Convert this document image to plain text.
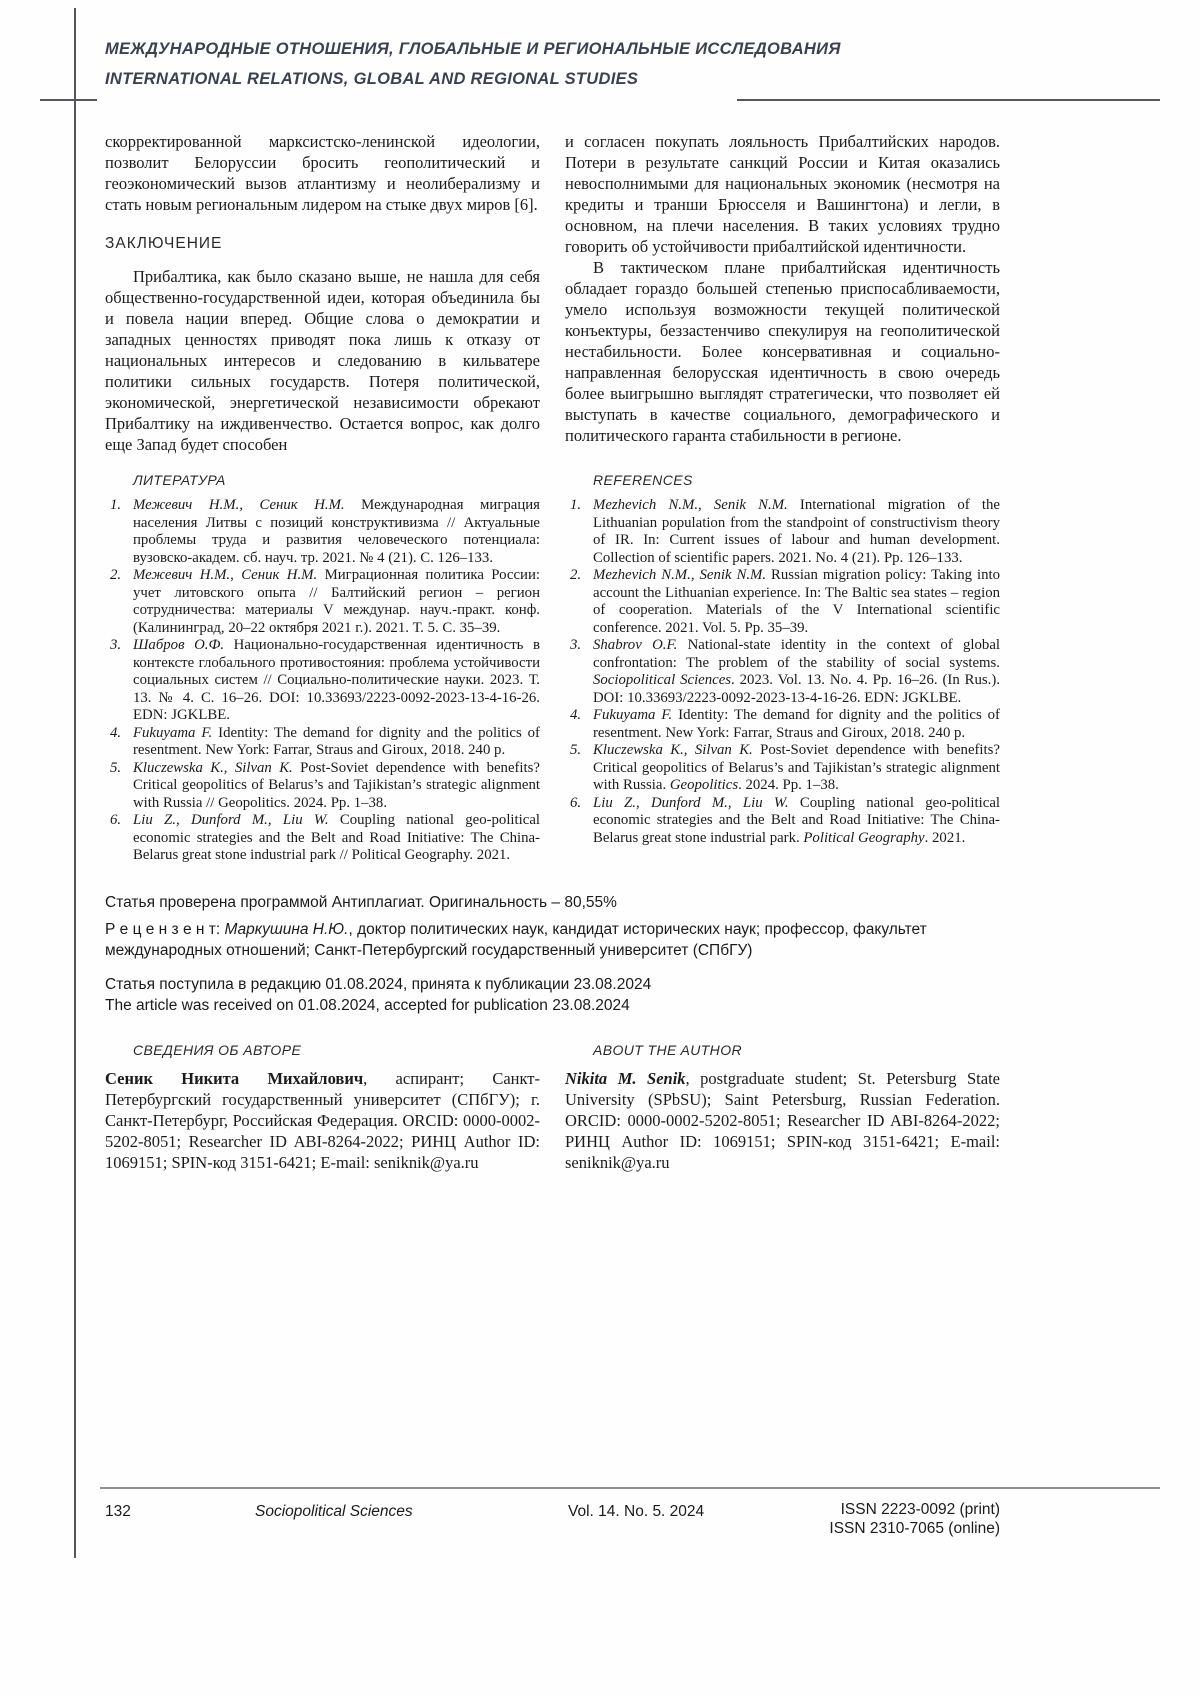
МЕЖДУНАРОДНЫЕ ОТНОШЕНИЯ, ГЛОБАЛЬНЫЕ И РЕГИОНАЛЬНЫЕ ИССЛЕДОВАНИЯ
INTERNATIONAL RELATIONS, GLOBAL AND REGIONAL STUDIES

скорректированной марксистско-ленинской идеологии, позволит Белоруссии бросить геополитический и геоэкономический вызов атлантизму и неолиберализму и стать новым региональным лидером на стыке двух миров [6].

ЗАКЛЮЧЕНИЕ

Прибалтика, как было сказано выше, не нашла для себя общественно-государственной идеи, которая объединила бы и повела нации вперед. Общие слова о демократии и западных ценностях приводят пока лишь к отказу от национальных интересов и следованию в кильватере политики сильных государств. Потеря политической, экономической, энергетической независимости обрекают Прибалтику на иждивенчество. Остается вопрос, как долго еще Запад будет способен

и согласен покупать лояльность Прибалтийских народов. Потери в результате санкций России и Китая оказались невосполнимыми для национальных экономик (несмотря на кредиты и транши Брюсселя и Вашингтона) и легли, в основном, на плечи населения. В таких условиях трудно говорить об устойчивости прибалтийской идентичности.

В тактическом плане прибалтийская идентичность обладает гораздо большей степенью приспосабливаемости, умело используя возможности текущей политической конъектуры, беззастенчиво спекулируя на геополитической нестабильности. Более консервативная и социально-направленная белорусская идентичность в свою очередь более выигрышно выглядят стратегически, что позволяет ей выступать в качестве социального, демографического и политического гаранта стабильности в регионе.

ЛИТЕРАТУРА
Межевич Н.М., Сеник Н.М. Международная миграция населения Литвы с позиций конструктивизма // Актуальные проблемы труда и развития человеческого потенциала: вузовско-академ. сб. науч. тр. 2021. № 4 (21). С. 126–133.
Межевич Н.М., Сеник Н.М. Миграционная политика России: учет литовского опыта // Балтийский регион – регион сотрудничества: материалы V междунар. науч.-практ. конф. (Калининград, 20–22 октября 2021 г.). 2021. Т. 5. С. 35–39.
Шабров О.Ф. Национально-государственная идентичность в контексте глобального противостояния: проблема устойчивости социальных систем // Социально-политические науки. 2023. Т. 13. № 4. С. 16–26. DOI: 10.33693/2223-0092-2023-13-4-16-26. EDN: JGKLBE.
Fukuyama F. Identity: The demand for dignity and the politics of resentment. New York: Farrar, Straus and Giroux, 2018. 240 p.
Kluczewska K., Silvan K. Post-Soviet dependence with benefits? Critical geopolitics of Belarus’s and Tajikistan’s strategic alignment with Russia // Geopolitics. 2024. Pp. 1–38.
Liu Z., Dunford M., Liu W. Coupling national geo-political economic strategies and the Belt and Road Initiative: The China-Belarus great stone industrial park // Political Geography. 2021.
REFERENCES
Mezhevich N.M., Senik N.M. International migration of the Lithuanian population from the standpoint of constructivism theory of IR. In: Current issues of labour and human development. Collection of scientific papers. 2021. No. 4 (21). Pp. 126–133.
Mezhevich N.M., Senik N.M. Russian migration policy: Taking into account the Lithuanian experience. In: The Baltic sea states – region of cooperation. Materials of the V International scientific conference. 2021. Vol. 5. Pp. 35–39.
Shabrov O.F. National-state identity in the context of global confrontation: The problem of the stability of social systems. Sociopolitical Sciences. 2023. Vol. 13. No. 4. Pp. 16–26. (In Rus.). DOI: 10.33693/2223-0092-2023-13-4-16-26. EDN: JGKLBE.
Fukuyama F. Identity: The demand for dignity and the politics of resentment. New York: Farrar, Straus and Giroux, 2018. 240 p.
Kluczewska K., Silvan K. Post-Soviet dependence with benefits? Critical geopolitics of Belarus’s and Tajikistan’s strategic alignment with Russia. Geopolitics. 2024. Pp. 1–38.
Liu Z., Dunford M., Liu W. Coupling national geo-political economic strategies and the Belt and Road Initiative: The China-Belarus great stone industrial park. Political Geography. 2021.

Статья проверена программой Антиплагиат. Оригинальность – 80,55%

Р е ц е н з е н т: Маркушина Н.Ю., доктор политических наук, кандидат исторических наук; профессор, факультет международных отношений; Санкт-Петербургский государственный университет (СПбГУ)

Статья поступила в редакцию 01.08.2024, принята к публикации 23.08.2024

The article was received on 01.08.2024, accepted for publication 23.08.2024

СВЕДЕНИЯ ОБ АВТОРЕ

Сеник Никита Михайлович, аспирант; Санкт-Петербургский государственный университет (СПбГУ); г. Санкт-Петербург, Российская Федерация. ORCID: 0000-0002-5202-8051; Researcher ID ABI-8264-2022; РИНЦ Author ID: 1069151; SPIN-код 3151-6421; E-mail: seniknik@ya.ru

ABOUT THE AUTHOR

Nikita M. Senik, postgraduate student; St. Petersburg State University (SPbSU); Saint Petersburg, Russian Federation. ORCID: 0000-0002-5202-8051; Researcher ID ABI-8264-2022; РИНЦ Author ID: 1069151; SPIN-код 3151-6421; E-mail: seniknik@ya.ru

132	Sociopolitical Sciences	Vol. 14. No. 5. 2024	ISSN 2223-0092 (print)
ISSN 2310-7065 (online)
